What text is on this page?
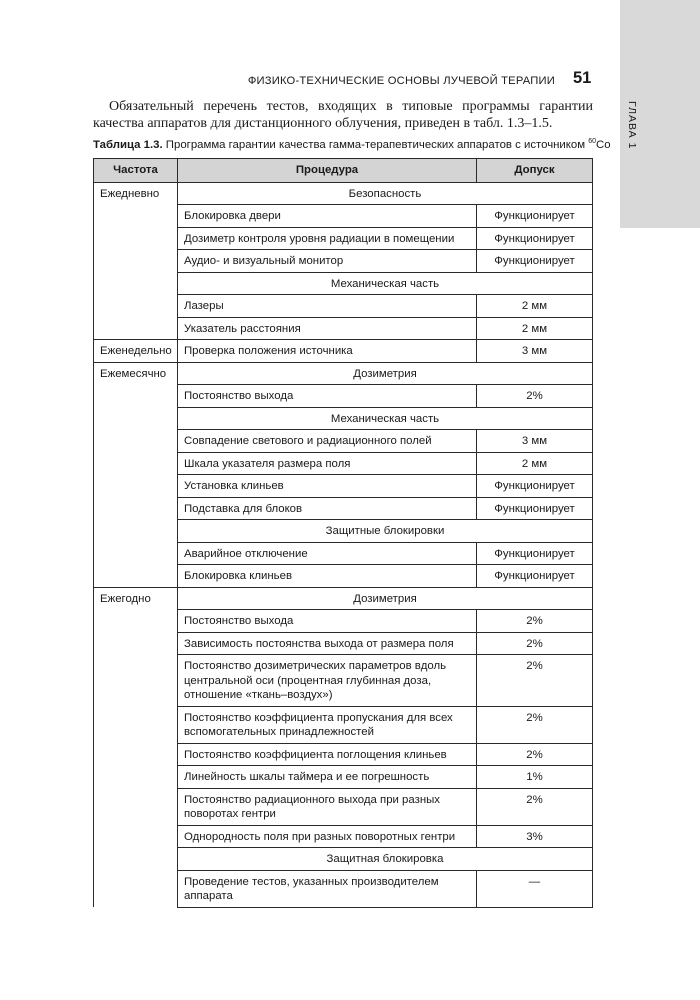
ГЛАВА 1
ФИЗИКО-ТЕХНИЧЕСКИЕ ОСНОВЫ ЛУЧЕВОЙ ТЕРАПИИ 51

Обязательный перечень тестов, входящих в типовые программы гарантии качества аппаратов для дистанционного облучения, приведен в табл. 1.3–1.5.

Таблица 1.3. Программа гарантии качества гамма-терапевтических аппаратов с источником $^{60}$Co

Частота	Процедура	Допуск
Ежедневно	Безопасность	
	Блокировка двери	Функционирует
	Дозиметр контроля уровня радиации в помещении	Функционирует
	Аудио- и визуальный монитор	Функционирует
	Механическая часть	
	Лазеры	2 мм
	Указатель расстояния	2 мм
Еженедельно	Проверка положения источника	3 мм
Ежемесячно	Дозиметрия	
	Постоянство выхода	2%
	Механическая часть	
	Совпадение светового и радиационного полей	3 мм
	Шкала указателя размера поля	2 мм
	Установка клиньев	Функционирует
	Подставка для блоков	Функционирует
	Защитные блокировки	
	Аварийное отключение	Функционирует
	Блокировка клиньев	Функционирует
Ежегодно	Дозиметрия	
	Постоянство выхода	2%
	Зависимость постоянства выхода от размера поля	2%
	Постоянство дозиметрических параметров вдоль центральной оси (процентная глубинная доза, отношение «ткань–воздух»)	2%
	Постоянство коэффициента пропускания для всех вспомогательных принадлежностей	2%
	Постоянство коэффициента поглощения клиньев	2%
	Линейность шкалы таймера и ее погрешность	1%
	Постоянство радиационного выхода при разных поворотах гентри	2%
	Однородность поля при разных поворотных гентри	3%
	Защитная блокировка	
	Проведение тестов, указанных производителем аппарата	—
